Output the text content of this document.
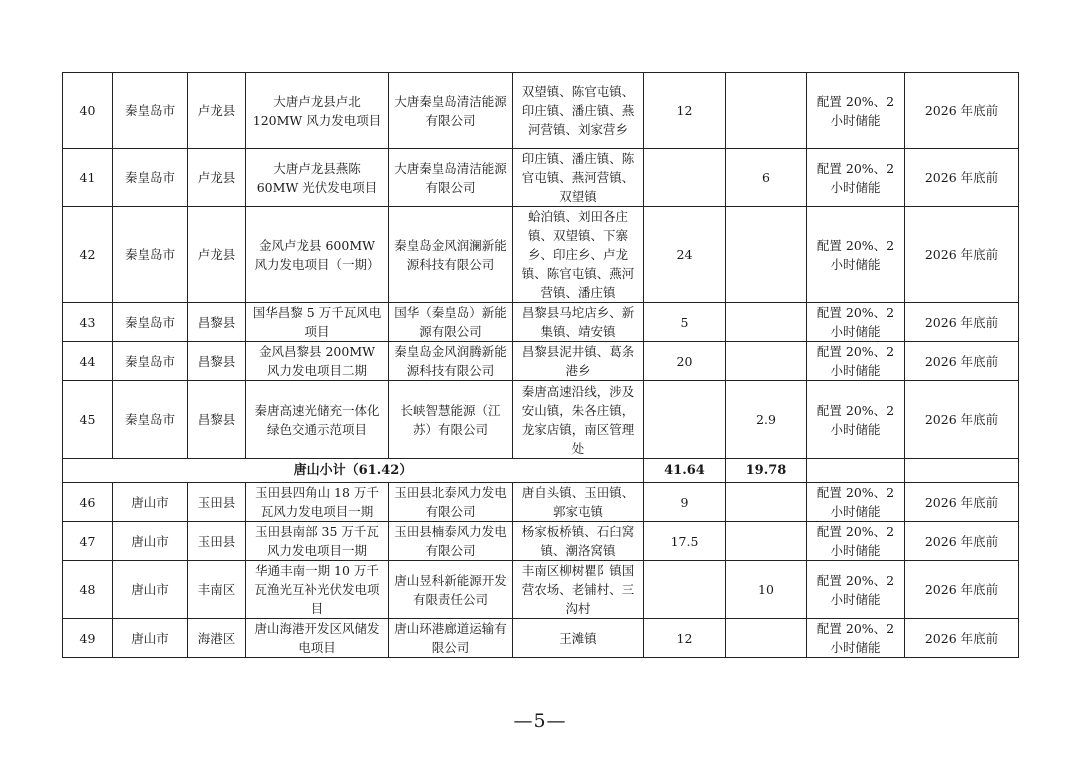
40	秦皇岛市	卢龙县	大唐卢龙县卢北 120MW 风力发电项目	大唐秦皇岛清洁能源有限公司	双望镇、陈官屯镇、印庄镇、潘庄镇、燕河营镇、刘家营乡	12		配置 20%、2 小时储能	2026 年底前
41	秦皇岛市	卢龙县	大唐卢龙县燕陈 60MW 光伏发电项目	大唐秦皇岛清洁能源有限公司	印庄镇、潘庄镇、陈官屯镇、燕河营镇、双望镇		6	配置 20%、2 小时储能	2026 年底前
42	秦皇岛市	卢龙县	金风卢龙县 600MW 风力发电项目（一期）	秦皇岛金风润澜新能源科技有限公司	蛤泊镇、刘田各庄镇、双望镇、下寨乡、印庄乡、卢龙镇、陈官屯镇、燕河营镇、潘庄镇	24		配置 20%、2 小时储能	2026 年底前
43	秦皇岛市	昌黎县	国华昌黎 5 万千瓦风电项目	国华（秦皇岛）新能源有限公司	昌黎县马坨店乡、新集镇、靖安镇	5		配置 20%、2 小时储能	2026 年底前
44	秦皇岛市	昌黎县	金风昌黎县 200MW 风力发电项目二期	秦皇岛金风润腾新能源科技有限公司	昌黎县泥井镇、葛条港乡	20		配置 20%、2 小时储能	2026 年底前
45	秦皇岛市	昌黎县	秦唐高速光储充一体化绿色交通示范项目	长峡智慧能源（江苏）有限公司	秦唐高速沿线，涉及安山镇，朱各庄镇，龙家店镇，南区管理处		2.9	配置 20%、2 小时储能	2026 年底前
唐山小计（61.42）						41.64	19.78		
46	唐山市	玉田县	玉田县四角山 18 万千瓦风力发电项目一期	玉田县北泰风力发电有限公司	唐自头镇、玉田镇、郭家屯镇	9		配置 20%、2 小时储能	2026 年底前
47	唐山市	玉田县	玉田县南部 35 万千瓦风力发电项目一期	玉田县楠泰风力发电有限公司	杨家板桥镇、石臼窝镇、潮洛窝镇	17.5		配置 20%、2 小时储能	2026 年底前
48	唐山市	丰南区	华通丰南一期 10 万千瓦渔光互补光伏发电项目	唐山昱科新能源开发有限责任公司	丰南区柳树瞿阝镇国营农场、老铺村、三沟村		10	配置 20%、2 小时储能	2026 年底前
49	唐山市	海港区	唐山海港开发区风储发电项目	唐山环港廊道运输有限公司	王滩镇	12		配置 20%、2 小时储能	2026 年底前
—5—
